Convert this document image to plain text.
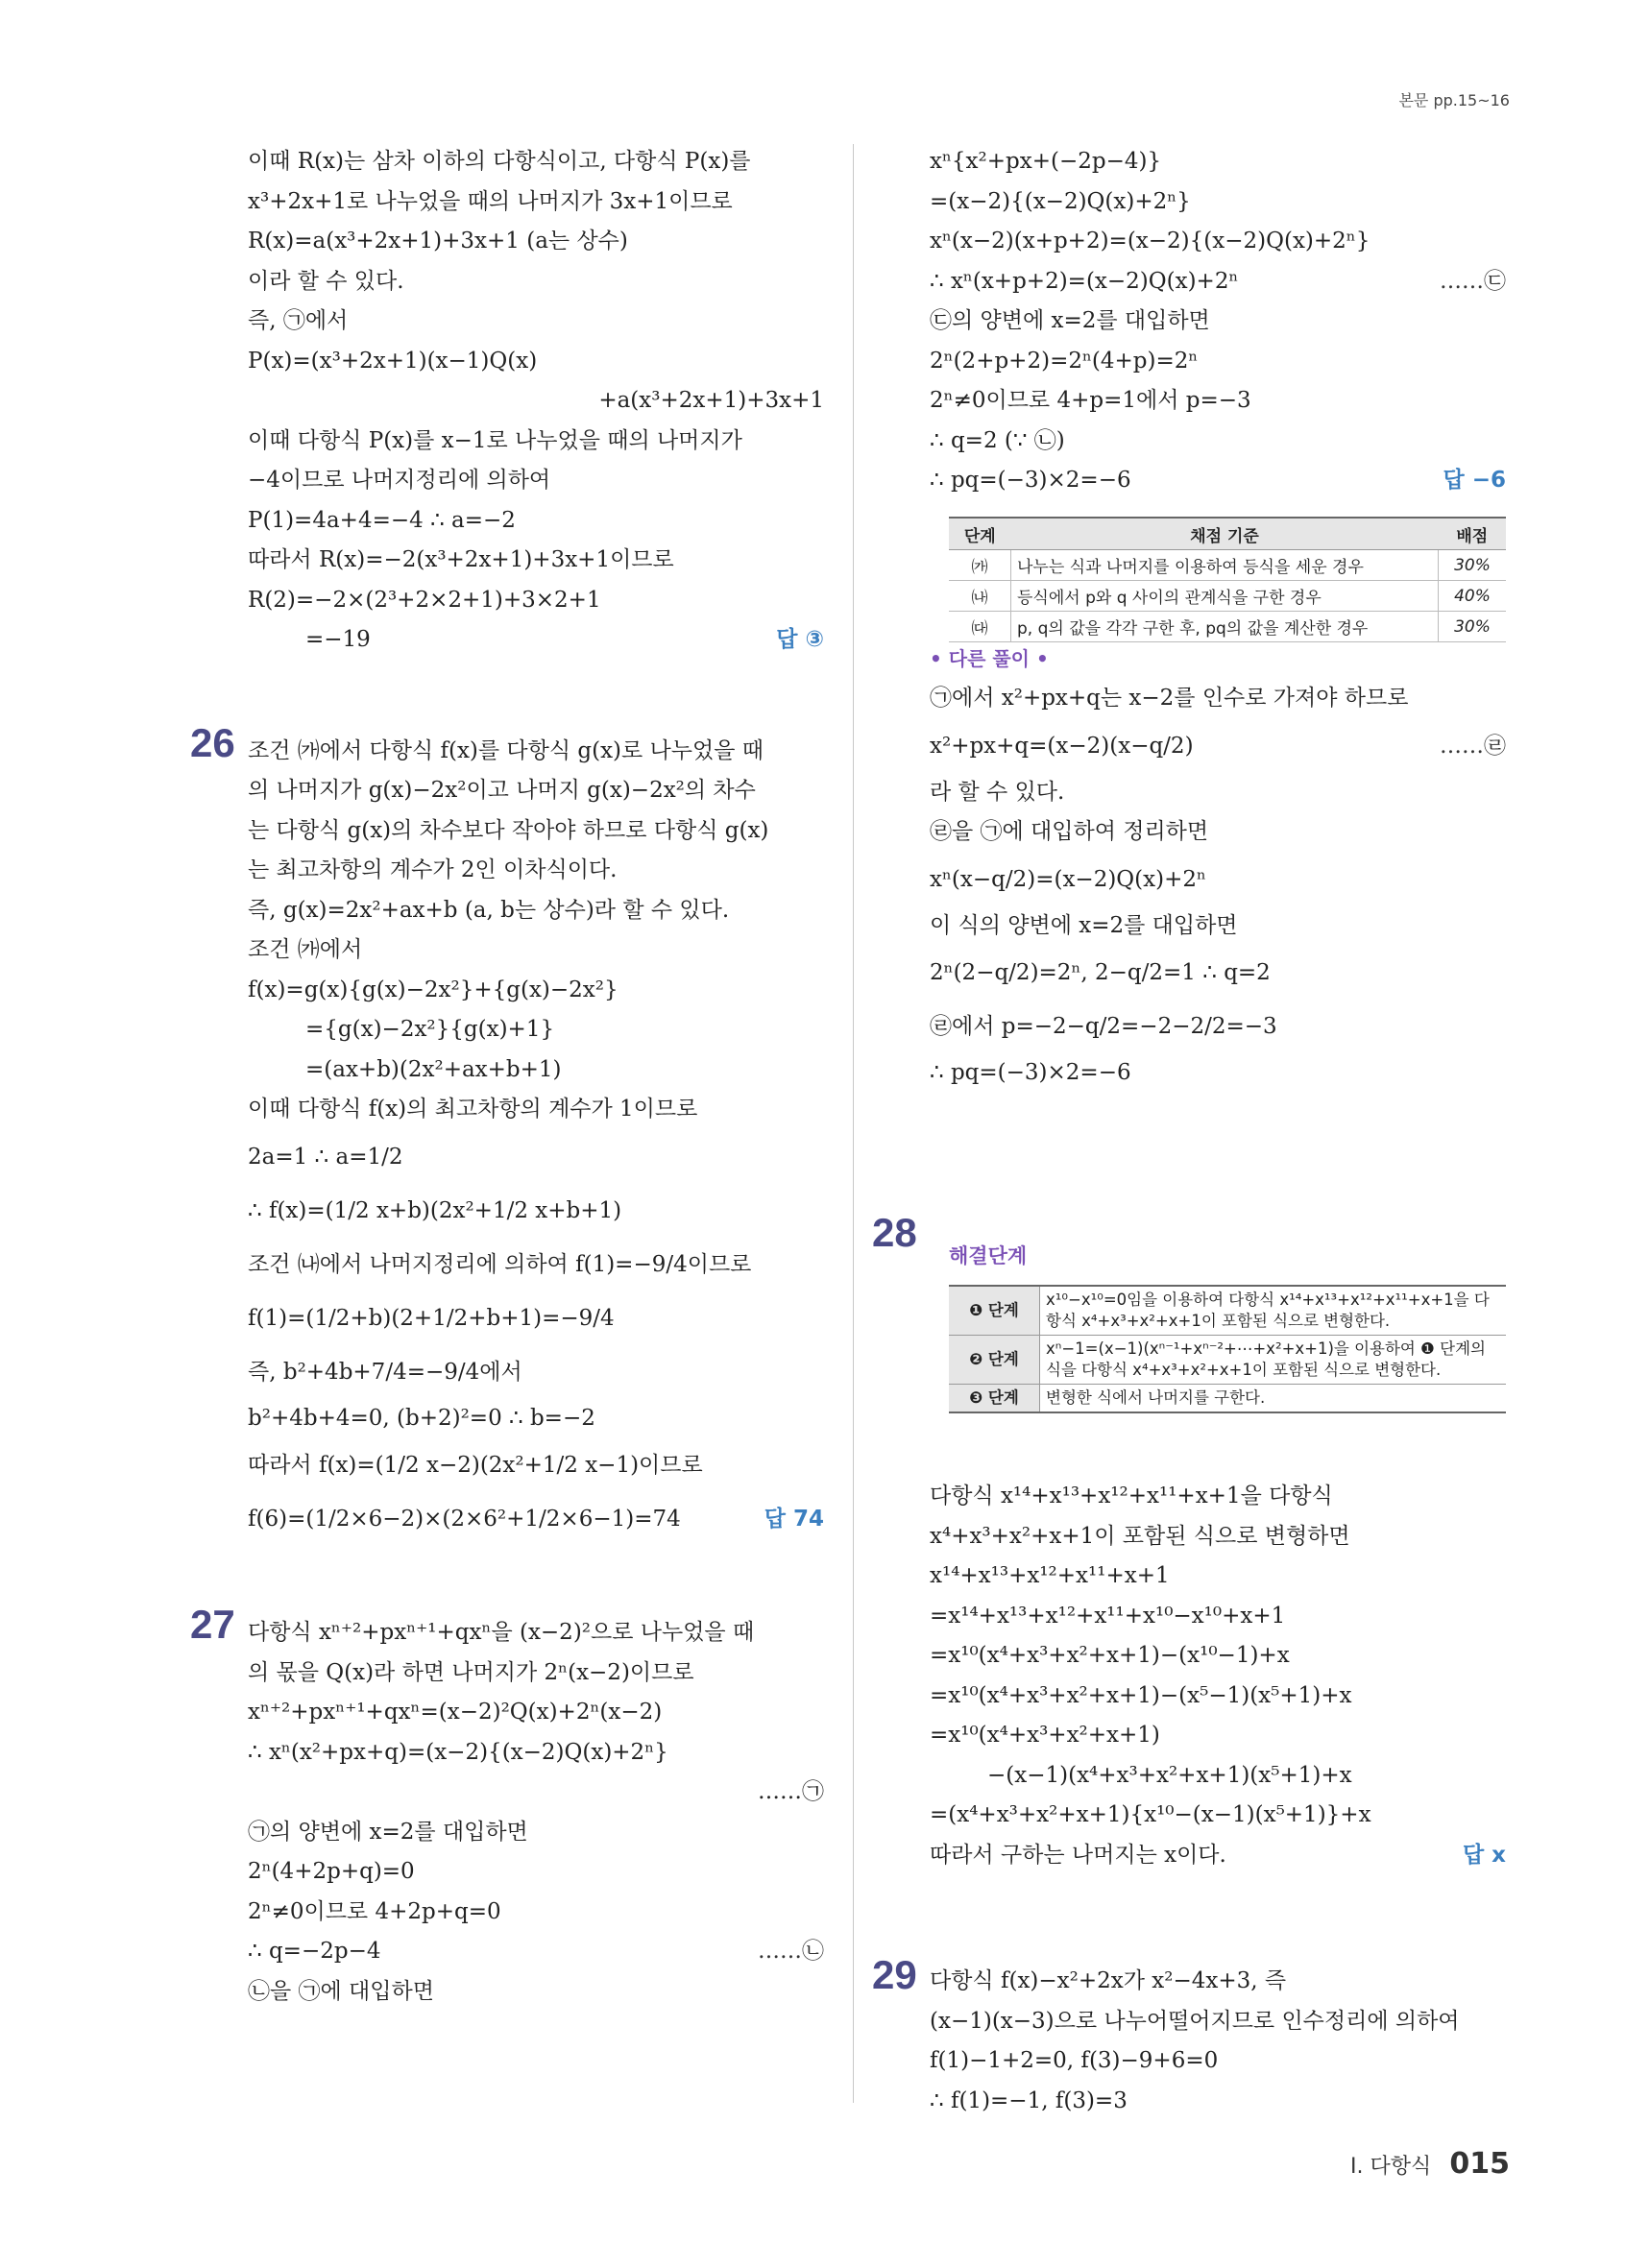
본문 pp.15~16
이때 R(x)는 삼차 이하의 다항식이고, 다항식 P(x)를
x³+2x+1로 나누었을 때의 나머지가 3x+1이므로
R(x)=a(x³+2x+1)+3x+1 (a는 상수)
이라 할 수 있다.
즉, ㉠에서
P(x)=(x³+2x+1)(x−1)Q(x)
+a(x³+2x+1)+3x+1
이때 다항식 P(x)를 x−1로 나누었을 때의 나머지가
−4이므로 나머지정리에 의하여
P(1)=4a+4=−4 ∴ a=−2
따라서 R(x)=−2(x³+2x+1)+3x+1이므로
R(2)=−2×(2³+2×2+1)+3×2+1
=−19	답 ③
26 조건 ㈎에서 다항식 f(x)를 다항식 g(x)로 나누었을 때
의 나머지가 g(x)−2x²이고 나머지 g(x)−2x²의 차수
는 다항식 g(x)의 차수보다 작아야 하므로 다항식 g(x)
는 최고차항의 계수가 2인 이차식이다.
즉, g(x)=2x²+ax+b (a, b는 상수)라 할 수 있다.
조건 ㈎에서
f(x)=g(x){g(x)−2x²}+{g(x)−2x²}
={g(x)−2x²}{g(x)+1}
=(ax+b)(2x²+ax+b+1)
이때 다항식 f(x)의 최고차항의 계수가 1이므로
2a=1 ∴ a=1/2
∴ f(x)=(1/2 x+b)(2x²+1/2 x+b+1)
조건 ㈏에서 나머지정리에 의하여 f(1)=−9/4이므로
f(1)=(1/2+b)(2+1/2+b+1)=−9/4
즉, b²+4b+7/4=−9/4에서
b²+4b+4=0, (b+2)²=0 ∴ b=−2
따라서 f(x)=(1/2 x−2)(2x²+1/2 x−1)이므로
f(6)=(1/2×6−2)×(2×6²+1/2×6−1)=74	답 74
27 다항식 xⁿ⁺²+pxⁿ⁺¹+qxⁿ을 (x−2)²으로 나누었을 때
의 몫을 Q(x)라 하면 나머지가 2ⁿ(x−2)이므로
xⁿ⁺²+pxⁿ⁺¹+qxⁿ=(x−2)²Q(x)+2ⁿ(x−2)
∴ xⁿ(x²+px+q)=(x−2){(x−2)Q(x)+2ⁿ}
……㉠
㉠의 양변에 x=2를 대입하면
2ⁿ(4+2p+q)=0
2ⁿ≠0이므로 4+2p+q=0
∴ q=−2p−4	……㉡
㉡을 ㉠에 대입하면
xⁿ{x²+px+(−2p−4)}
=(x−2){(x−2)Q(x)+2ⁿ}
xⁿ(x−2)(x+p+2)=(x−2){(x−2)Q(x)+2ⁿ}
∴ xⁿ(x+p+2)=(x−2)Q(x)+2ⁿ	……㉢
㉢의 양변에 x=2를 대입하면
2ⁿ(2+p+2)=2ⁿ(4+p)=2ⁿ
2ⁿ≠0이므로 4+p=1에서 p=−3
∴ q=2 (∵ ㉡)
∴ pq=(−3)×2=−6	답 −6
• 다른 풀이 •
㉠에서 x²+px+q는 x−2를 인수로 가져야 하므로
x²+px+q=(x−2)(x−q/2)	……㉣
라 할 수 있다.
㉣을 ㉠에 대입하여 정리하면
xⁿ(x−q/2)=(x−2)Q(x)+2ⁿ
이 식의 양변에 x=2를 대입하면
2ⁿ(2−q/2)=2ⁿ, 2−q/2=1 ∴ q=2
㉣에서 p=−2−q/2=−2−2/2=−3
∴ pq=(−3)×2=−6
28
다항식 x¹⁴+x¹³+x¹²+x¹¹+x+1을 다항식
x⁴+x³+x²+x+1이 포함된 식으로 변형하면
x¹⁴+x¹³+x¹²+x¹¹+x+1
=x¹⁴+x¹³+x¹²+x¹¹+x¹⁰−x¹⁰+x+1
=x¹⁰(x⁴+x³+x²+x+1)−(x¹⁰−1)+x
=x¹⁰(x⁴+x³+x²+x+1)−(x⁵−1)(x⁵+1)+x
=x¹⁰(x⁴+x³+x²+x+1)
−(x−1)(x⁴+x³+x²+x+1)(x⁵+1)+x
=(x⁴+x³+x²+x+1){x¹⁰−(x−1)(x⁵+1)}+x
따라서 구하는 나머지는 x이다.	답 x
29 다항식 f(x)−x²+2x가 x²−4x+3, 즉
(x−1)(x−3)으로 나누어떨어지므로 인수정리에 의하여
f(1)−1+2=0, f(3)−9+6=0
∴ f(1)=−1, f(3)=3
단계	채점 기준	배점
㈎	나누는 식과 나머지를 이용하여 등식을 세운 경우	30%
㈏	등식에서 p와 q 사이의 관계식을 구한 경우	40%
㈐	p, q의 값을 각각 구한 후, pq의 값을 계산한 경우	30%
해결단계
❶ 단계	x¹⁰−x¹⁰=0임을 이용하여 다항식 x¹⁴+x¹³+x¹²+x¹¹+x+1을 다항식 x⁴+x³+x²+x+1이 포함된 식으로 변형한다.
❷ 단계	xⁿ−1=(x−1)(xⁿ⁻¹+xⁿ⁻²+⋯+x²+x+1)을 이용하여 ❶ 단계의 식을 다항식 x⁴+x³+x²+x+1이 포함된 식으로 변형한다.
❸ 단계	변형한 식에서 나머지를 구한다.
Ⅰ. 다항식 015
